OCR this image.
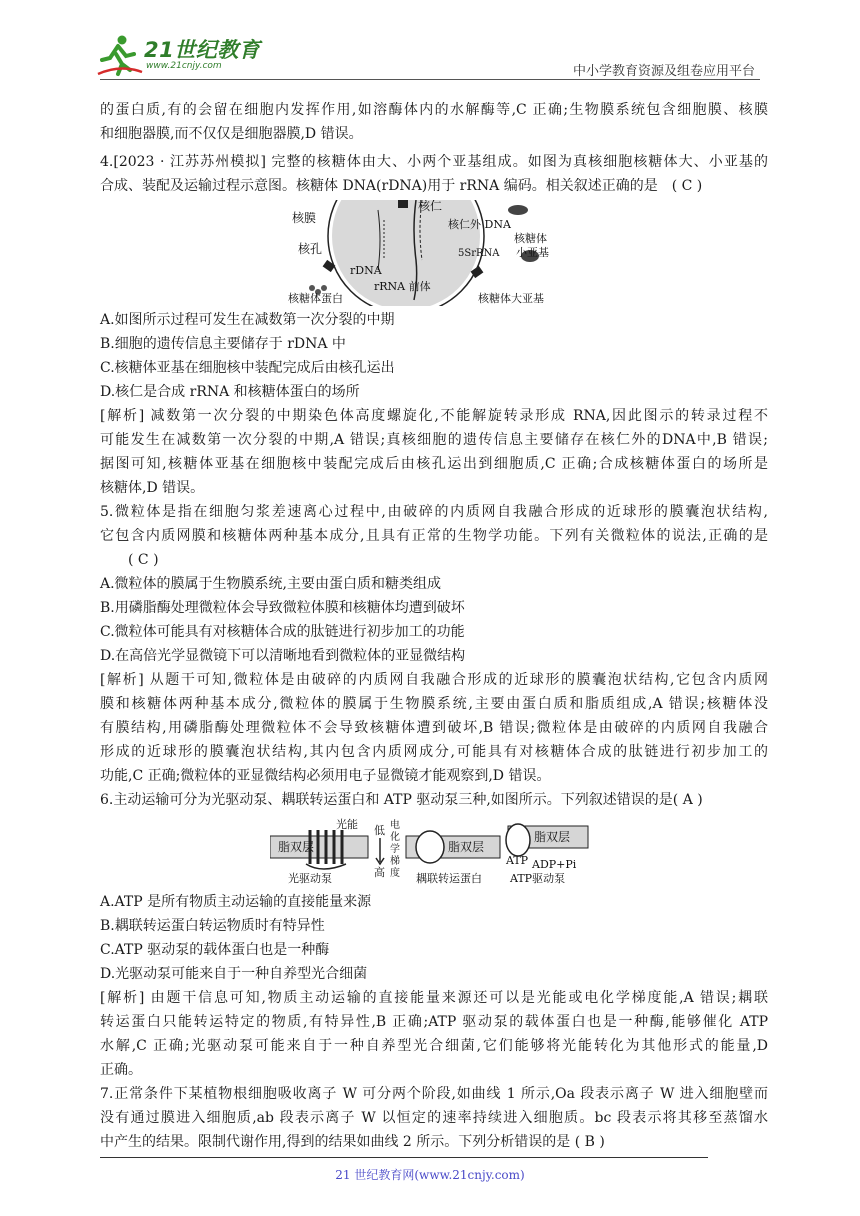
21世纪教育
www.21cnjy.com	中小学教育资源及组卷应用平台
的蛋白质,有的会留在细胞内发挥作用,如溶酶体内的水解酶等,C 正确;生物膜系统包含细胞膜、核膜
和细胞器膜,而不仅仅是细胞器膜,D 错误。
4.[2023 · 江苏苏州模拟] 完整的核糖体由大、小两个亚基组成。如图为真核细胞核糖体大、小亚基的
合成、装配及运输过程示意图。核糖体 DNA(rDNA)用于 rRNA 编码。相关叙述正确的是　( C )
核膜
核孔
rDNA
核仁
rRNA 前体
核仁外 DNA
5SrRNA
核糖体
小亚基
核糖体蛋白	核糖体大亚基
A.如图所示过程可发生在减数第一次分裂的中期
B.细胞的遗传信息主要储存于 rDNA 中
C.核糖体亚基在细胞核中装配完成后由核孔运出
D.核仁是合成 rRNA 和核糖体蛋白的场所
[解析] 减数第一次分裂的中期染色体高度螺旋化,不能解旋转录形成 RNA,因此图示的转录过程不
可能发生在减数第一次分裂的中期,A 错误;真核细胞的遗传信息主要储存在核仁外的DNA中,B 错误;
据图可知,核糖体亚基在细胞核中装配完成后由核孔运出到细胞质,C 正确;合成核糖体蛋白的场所是
核糖体,D 错误。
5.微粒体是指在细胞匀浆差速离心过程中,由破碎的内质网自我融合形成的近球形的膜囊泡状结构,
它包含内质网膜和核糖体两种基本成分,且具有正常的生物学功能。下列有关微粒体的说法,正确的是
( C )
A.微粒体的膜属于生物膜系统,主要由蛋白质和糖类组成
B.用磷脂酶处理微粒体会导致微粒体膜和核糖体均遭到破坏
C.微粒体可能具有对核糖体合成的肽链进行初步加工的功能
D.在高倍光学显微镜下可以清晰地看到微粒体的亚显微结构
[解析] 从题干可知,微粒体是由破碎的内质网自我融合形成的近球形的膜囊泡状结构,它包含内质网
膜和核糖体两种基本成分,微粒体的膜属于生物膜系统,主要由蛋白质和脂质组成,A 错误;核糖体没
有膜结构,用磷脂酶处理微粒体不会导致核糖体遭到破坏,B 错误;微粒体是由破碎的内质网自我融合
形成的近球形的膜囊泡状结构,其内包含内质网成分,可能具有对核糖体合成的肽链进行初步加工的
功能,C 正确;微粒体的亚显微结构必须用电子显微镜才能观察到,D 错误。
6.主动运输可分为光驱动泵、耦联转运蛋白和 ATP 驱动泵三种,如图所示。下列叙述错误的是( A )
脂双层
光能
光驱动泵
低
高
电
化
学
梯
度
脂双层
耦联转运蛋白
脂双层
ATP ADP+Pi
ATP驱动泵
A.ATP 是所有物质主动运输的直接能量来源
B.耦联转运蛋白转运物质时有特异性
C.ATP 驱动泵的载体蛋白也是一种酶
D.光驱动泵可能来自于一种自养型光合细菌
[解析] 由题干信息可知,物质主动运输的直接能量来源还可以是光能或电化学梯度能,A 错误;耦联
转运蛋白只能转运特定的物质,有特异性,B 正确;ATP 驱动泵的载体蛋白也是一种酶,能够催化 ATP
水解,C 正确;光驱动泵可能来自于一种自养型光合细菌,它们能够将光能转化为其他形式的能量,D
正确。
7.正常条件下某植物根细胞吸收离子 W 可分两个阶段,如曲线 1 所示,Oa 段表示离子 W 进入细胞壁而
没有通过膜进入细胞质,ab 段表示离子 W 以恒定的速率持续进入细胞质。bc 段表示将其移至蒸馏水
中产生的结果。限制代谢作用,得到的结果如曲线 2 所示。下列分析错误的是 ( B )
21 世纪教育网(www.21cnjy.com)
